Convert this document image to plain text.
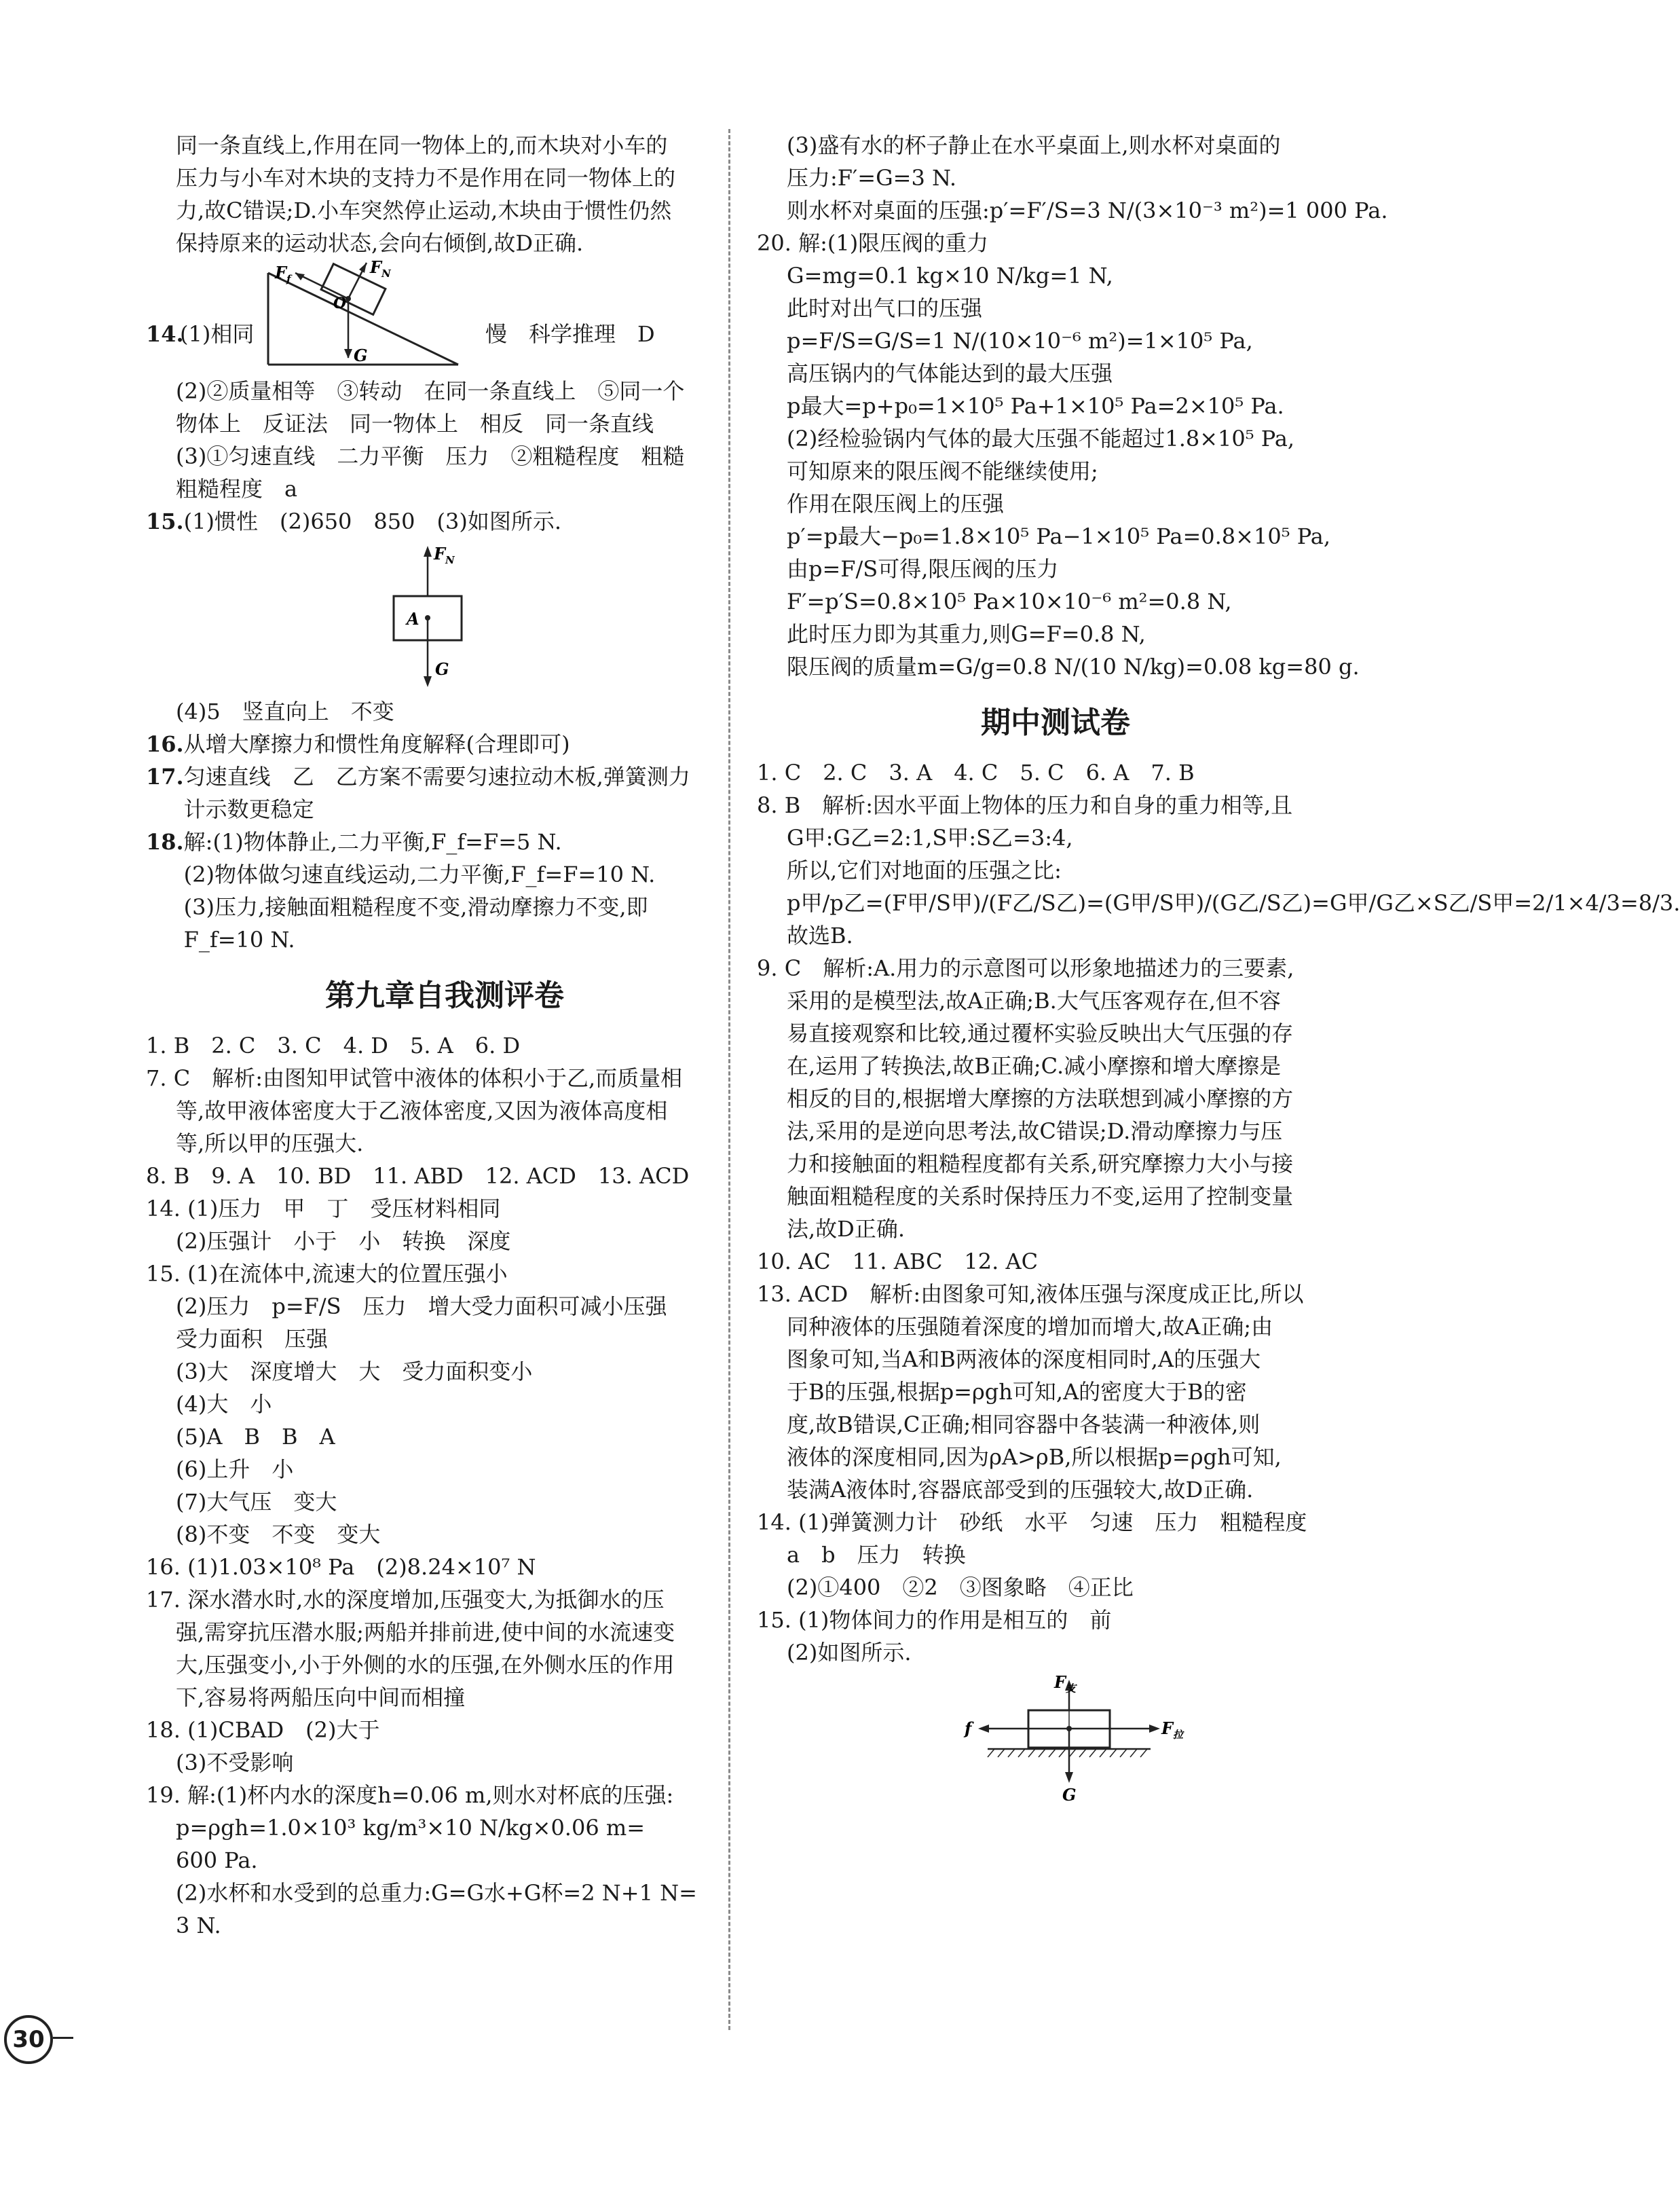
同一条直线上,作用在同一物体上的,而木块对小车的
压力与小车对木块的支持力不是作用在同一物体上的
力,故C错误;D.小车突然停止运动,木块由于惯性仍然
保持原来的运动状态,会向右倾倒,故D正确.
14.
(1)相同
$F_f$
$F_N$
O
G
慢　科学推理　D
(2)②质量相等　③转动　在同一条直线上　⑤同一个
物体上　反证法　同一物体上　相反　同一条直线
(3)①匀速直线　二力平衡　压力　②粗糙程度　粗糙
粗糙程度　a
15.(1)惯性　(2)650　850　(3)如图所示.
$F_N$
A
G
(4)5　竖直向上　不变
16.从增大摩擦力和惯性角度解释(合理即可)
17. 匀速直线　乙　乙方案不需要匀速拉动木板,弹簧测力
计示数更稳定
18. 解:(1)物体静止,二力平衡,F_f=F=5 N.
(2)物体做匀速直线运动,二力平衡,F_f=F=10 N.
(3)压力,接触面粗糙程度不变,滑动摩擦力不变,即
F_f=10 N.
第九章自我测评卷
1. B　2. C　3. C　4. D　5. A　6. D
7. C　解析:由图知甲试管中液体的体积小于乙,而质量相
等,故甲液体密度大于乙液体密度,又因为液体高度相
等,所以甲的压强大.
8. B　9. A　10. BD　11. ABD　12. ACD　13. ACD
14. (1)压力　甲　丁　受压材料相同
(2)压强计　小于　小　转换　深度
15. (1)在流体中,流速大的位置压强小
(2)压力　p=F/S　压力　增大受力面积可减小压强
受力面积　压强
(3)大　深度增大　大　受力面积变小
(4)大　小
(5)A　B　B　A
(6)上升　小
(7)大气压　变大
(8)不变　不变　变大
16. (1)1.03×10⁸ Pa　(2)8.24×10⁷ N
17. 深水潜水时,水的深度增加,压强变大,为抵御水的压
强,需穿抗压潜水服;两船并排前进,使中间的水流速变
大,压强变小,小于外侧的水的压强,在外侧水压的作用
下,容易将两船压向中间而相撞
18. (1)CBAD　(2)大于
(3)不受影响
19. 解:(1)杯内水的深度h=0.06 m,则水对杯底的压强:
p=ρgh=1.0×10³ kg/m³×10 N/kg×0.06 m=
600 Pa.
(2)水杯和水受到的总重力:G=G水+G杯=2 N+1 N=
3 N.
(3)盛有水的杯子静止在水平桌面上,则水杯对桌面的
压力:F′=G=3 N.
则水杯对桌面的压强:p′=F′/S=3 N/(3×10⁻³ m²)=1 000 Pa.
20. 解:(1)限压阀的重力
G=mg=0.1 kg×10 N/kg=1 N,
此时对出气口的压强
p=F/S=G/S=1 N/(10×10⁻⁶ m²)=1×10⁵ Pa,
高压锅内的气体能达到的最大压强
p最大=p+p₀=1×10⁵ Pa+1×10⁵ Pa=2×10⁵ Pa.
(2)经检验锅内气体的最大压强不能超过1.8×10⁵ Pa,
可知原来的限压阀不能继续使用;
作用在限压阀上的压强
p′=p最大−p₀=1.8×10⁵ Pa−1×10⁵ Pa=0.8×10⁵ Pa,
由p=F/S可得,限压阀的压力
F′=p′S=0.8×10⁵ Pa×10×10⁻⁶ m²=0.8 N,
此时压力即为其重力,则G=F=0.8 N,
限压阀的质量m=G/g=0.8 N/(10 N/kg)=0.08 kg=80 g.
期中测试卷
1. C　2. C　3. A　4. C　5. C　6. A　7. B
8. B　解析:因水平面上物体的压力和自身的重力相等,且
G甲:G乙=2:1,S甲:S乙=3:4,
所以,它们对地面的压强之比:
p甲/p乙=(F甲/S甲)/(F乙/S乙)=(G甲/S甲)/(G乙/S乙)=G甲/G乙×S乙/S甲=2/1×4/3=8/3.
故选B.
9. C　解析:A.用力的示意图可以形象地描述力的三要素,
采用的是模型法,故A正确;B.大气压客观存在,但不容
易直接观察和比较,通过覆杯实验反映出大气压强的存
在,运用了转换法,故B正确;C.减小摩擦和增大摩擦是
相反的目的,根据增大摩擦的方法联想到减小摩擦的方
法,采用的是逆向思考法,故C错误;D.滑动摩擦力与压
力和接触面的粗糙程度都有关系,研究摩擦力大小与接
触面粗糙程度的关系时保持压力不变,运用了控制变量
法,故D正确.
10. AC　11. ABC　12. AC
13. ACD　解析:由图象可知,液体压强与深度成正比,所以
同种液体的压强随着深度的增加而增大,故A正确;由
图象可知,当A和B两液体的深度相同时,A的压强大
于B的压强,根据p=ρgh可知,A的密度大于B的密
度,故B错误,C正确;相同容器中各装满一种液体,则
液体的深度相同,因为ρA>ρB,所以根据p=ρgh可知,
装满A液体时,容器底部受到的压强较大,故D正确.
14. (1)弹簧测力计　砂纸　水平　匀速　压力　粗糙程度
a　b　压力　转换
(2)①400　②2　③图象略　④正比
15. (1)物体间力的作用是相互的　前
(2)如图所示.
$F_支$
f	$F_拉$
G
30
